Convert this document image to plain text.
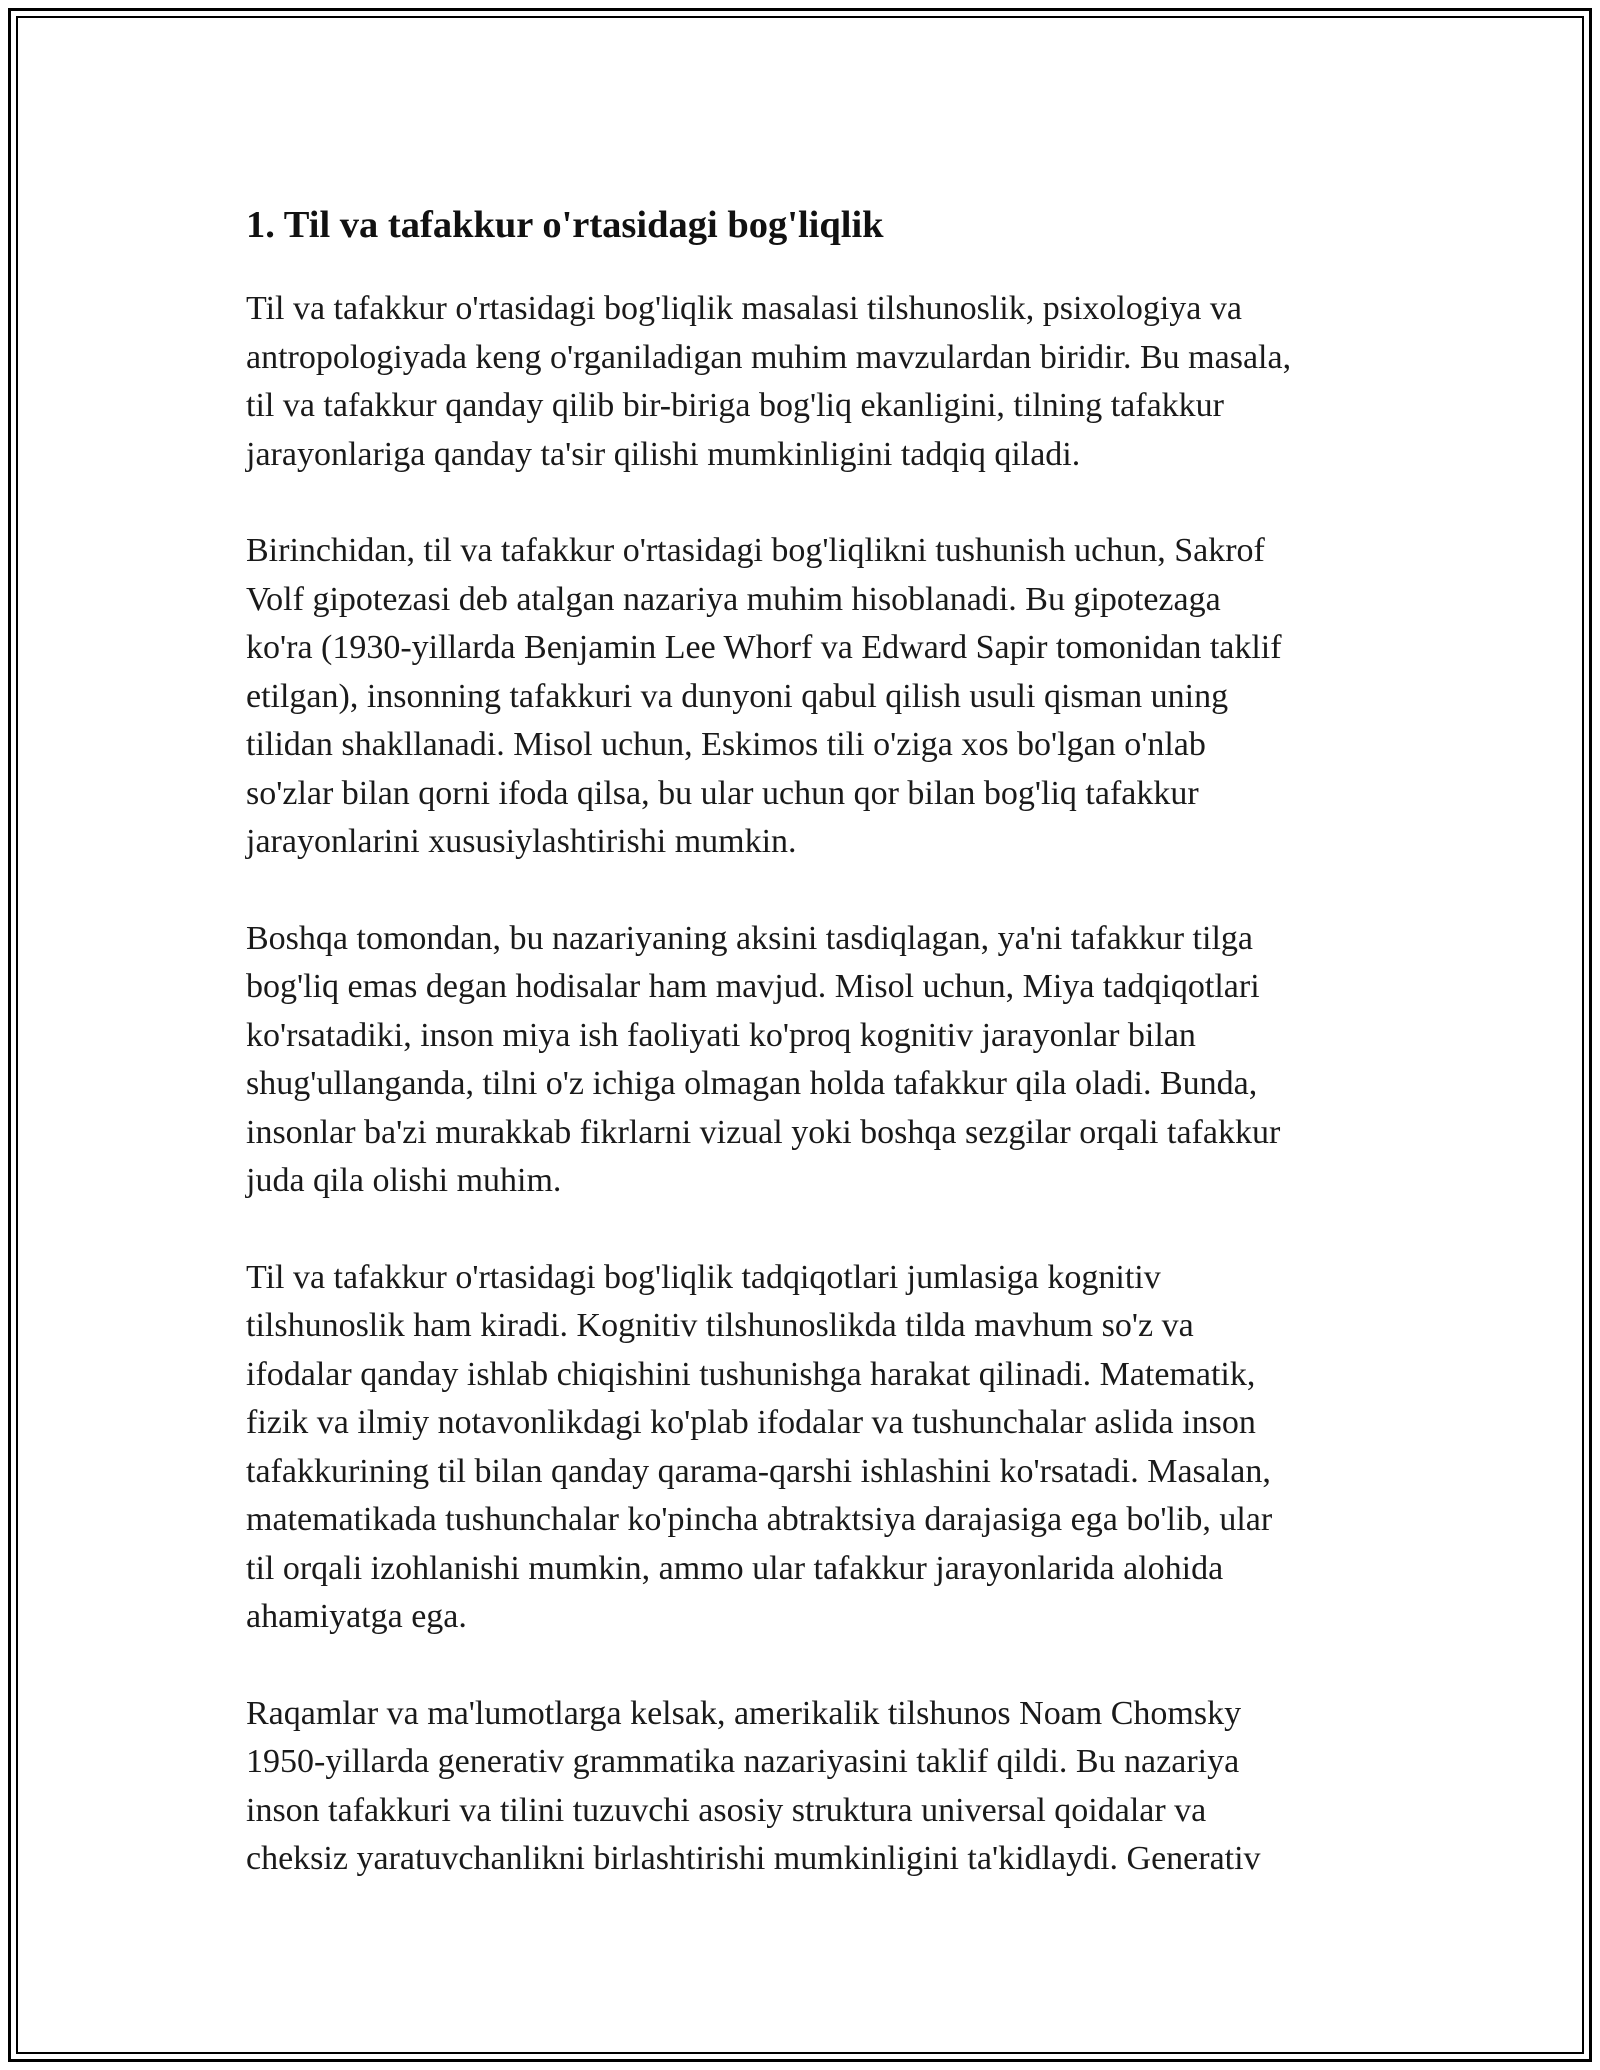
1. Til va tafakkur o'rtasidagi bog'liqlik

Til va tafakkur o'rtasidagi bog'liqlik masalasi tilshunoslik, psixologiya va
antropologiyada keng o'rganiladigan muhim mavzulardan biridir. Bu masala,
til va tafakkur qanday qilib bir-biriga bog'liq ekanligini, tilning tafakkur
jarayonlariga qanday ta'sir qilishi mumkinligini tadqiq qiladi.

Birinchidan, til va tafakkur o'rtasidagi bog'liqlikni tushunish uchun, Sakrof
Volf gipotezasi deb atalgan nazariya muhim hisoblanadi. Bu gipotezaga
ko'ra (1930-yillarda Benjamin Lee Whorf va Edward Sapir tomonidan taklif
etilgan), insonning tafakkuri va dunyoni qabul qilish usuli qisman uning
tilidan shakllanadi. Misol uchun, Eskimos tili o'ziga xos bo'lgan o'nlab
so'zlar bilan qorni ifoda qilsa, bu ular uchun qor bilan bog'liq tafakkur
jarayonlarini xususiylashtirishi mumkin.

Boshqa tomondan, bu nazariyaning aksini tasdiqlagan, ya'ni tafakkur tilga
bog'liq emas degan hodisalar ham mavjud. Misol uchun, Miya tadqiqotlari
ko'rsatadiki, inson miya ish faoliyati ko'proq kognitiv jarayonlar bilan
shug'ullanganda, tilni o'z ichiga olmagan holda tafakkur qila oladi. Bunda,
insonlar ba'zi murakkab fikrlarni vizual yoki boshqa sezgilar orqali tafakkur
juda qila olishi muhim.

Til va tafakkur o'rtasidagi bog'liqlik tadqiqotlari jumlasiga kognitiv
tilshunoslik ham kiradi. Kognitiv tilshunoslikda tilda mavhum so'z va
ifodalar qanday ishlab chiqishini tushunishga harakat qilinadi. Matematik,
fizik va ilmiy notavonlikdagi ko'plab ifodalar va tushunchalar aslida inson
tafakkurining til bilan qanday qarama-qarshi ishlashini ko'rsatadi. Masalan,
matematikada tushunchalar ko'pincha abtraktsiya darajasiga ega bo'lib, ular
til orqali izohlanishi mumkin, ammo ular tafakkur jarayonlarida alohida
ahamiyatga ega.

Raqamlar va ma'lumotlarga kelsak, amerikalik tilshunos Noam Chomsky
1950-yillarda generativ grammatika nazariyasini taklif qildi. Bu nazariya
inson tafakkuri va tilini tuzuvchi asosiy struktura universal qoidalar va
cheksiz yaratuvchanlikni birlashtirishi mumkinligini ta'kidlaydi. Generativ
